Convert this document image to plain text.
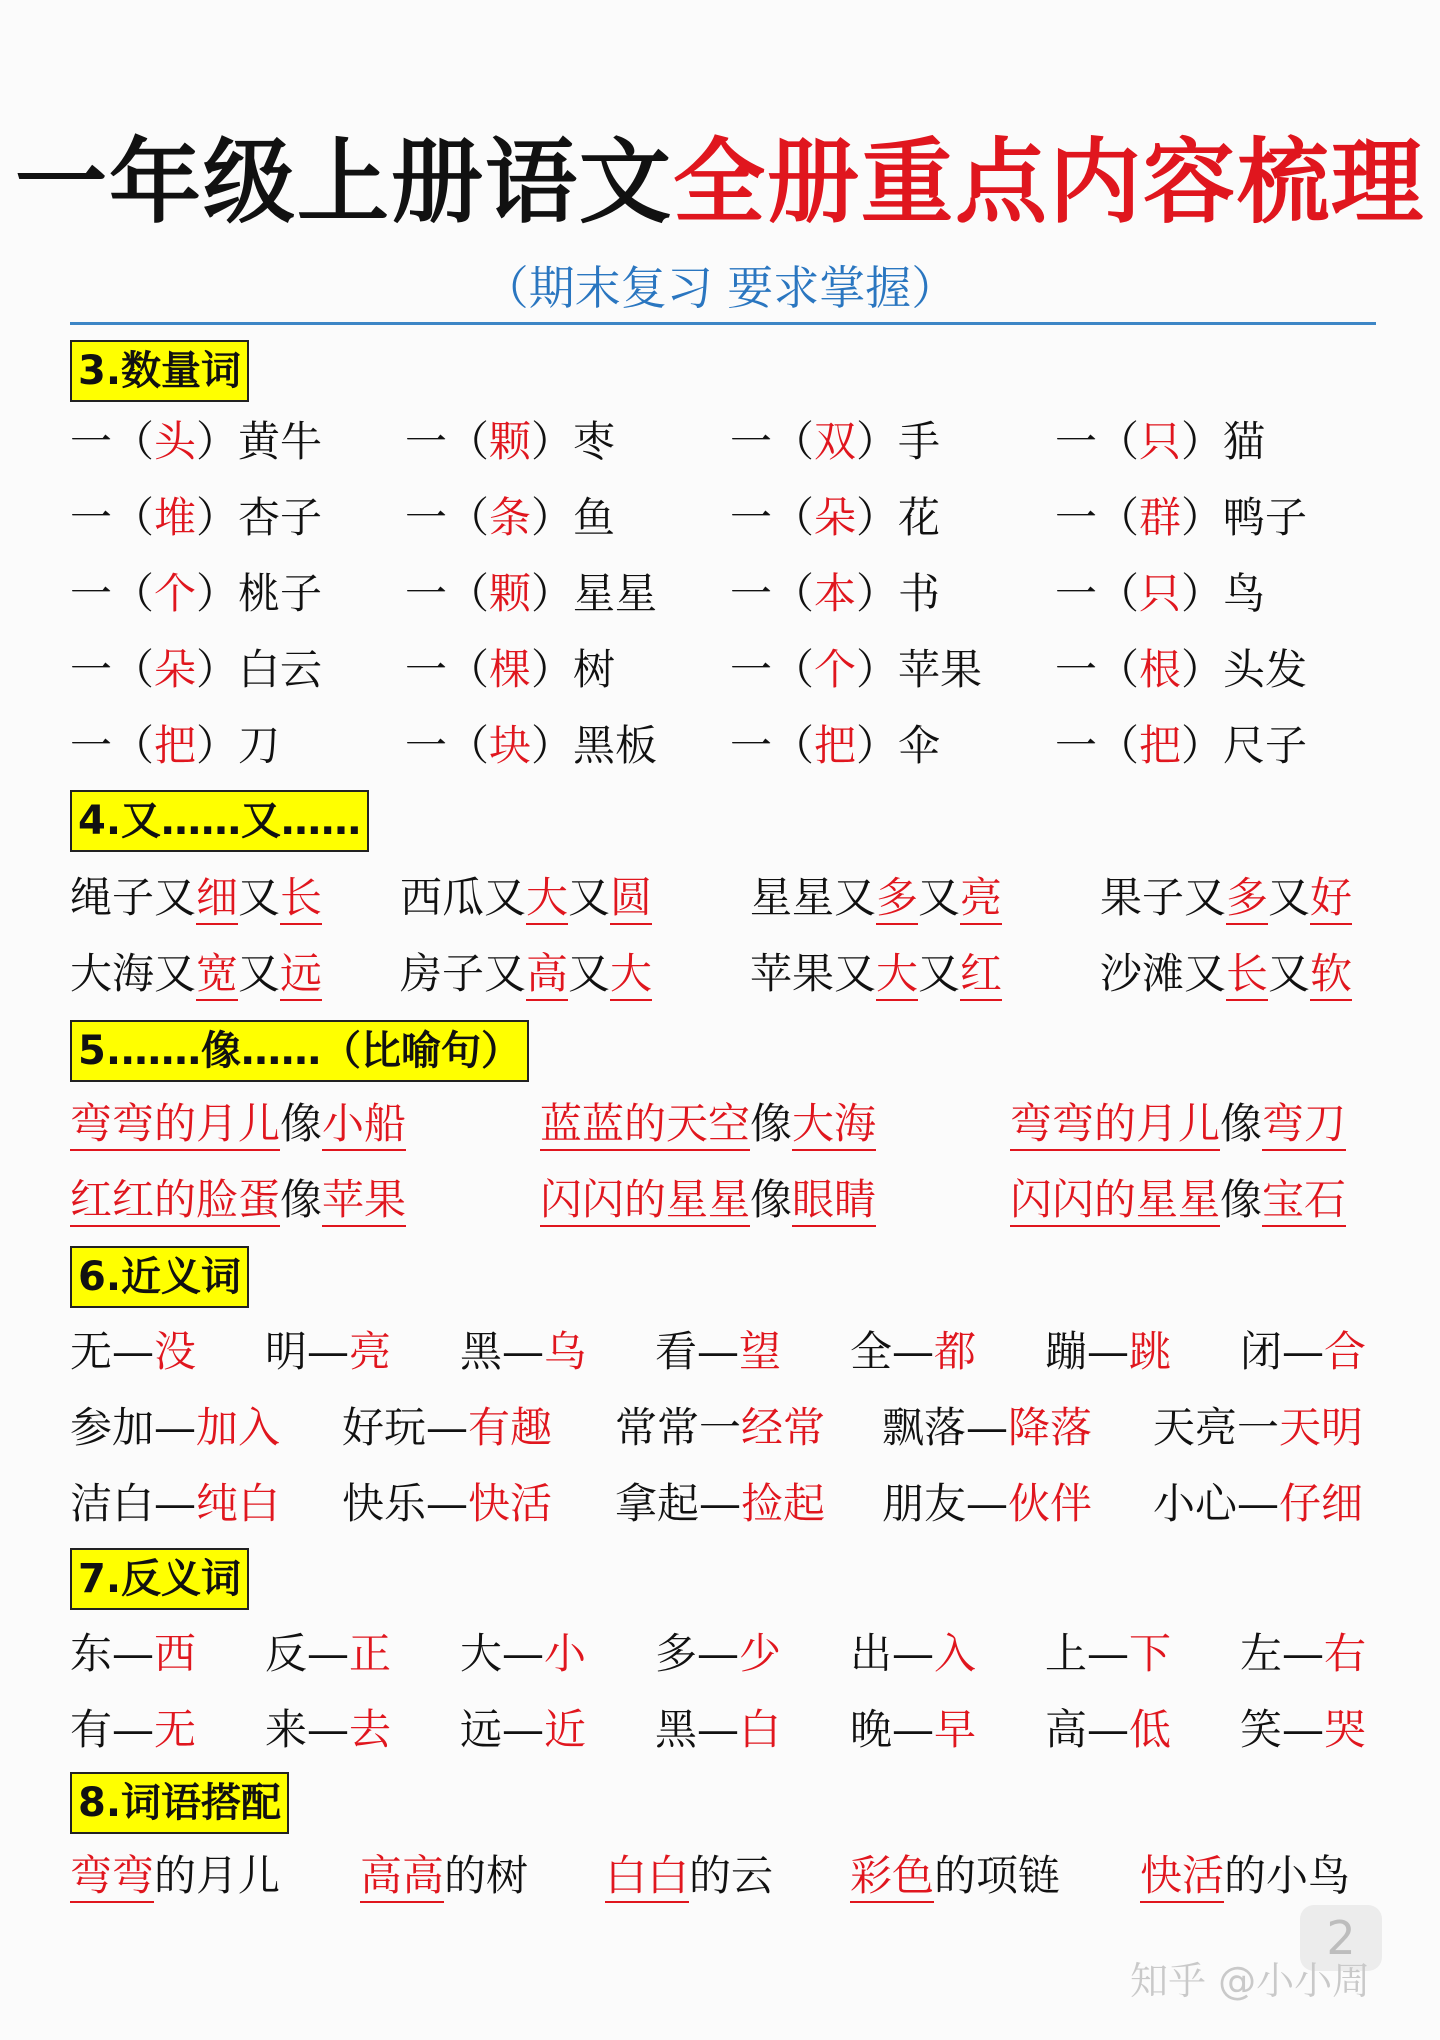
一年级上册语文全册重点内容梳理
（期末复习 要求掌握）
3.数量词
一（头）黄牛 一（颗）枣	一（双）手	一（只）猫
一（堆）杏子 一（条）鱼	一（朵）花	一（群）鸭子
一（个）桃子 一（颗）星星 一（本）书	一（只）鸟
一（朵）白云 一（棵）树	一（个）苹果 一（根）头发
一（把）刀	一（块）黑板 一（把）伞	一（把）尺子
4.又……又……
绳子又细又长 西瓜又大又圆 星星又多又亮 果子又多又好
大海又宽又远 房子又高又大 苹果又大又红 沙滩又长又软
5.……像……（比喻句）
弯弯的月儿像小船	蓝蓝的天空像大海	弯弯的月儿像弯刀
红红的脸蛋像苹果	闪闪的星星像眼睛	闪闪的星星像宝石
6.近义词
无—没 明—亮 黑—乌 看—望 全—都 蹦—跳 闭—合
参加—加入 好玩—有趣 常常一经常 飘落—降落 天亮一天明
洁白—纯白 快乐—快活 拿起—捡起 朋友—伙伴 小心—仔细
7.反义词
东—西 反—正 大—小 多—少 出—入 上—下 左—右
有—无 来—去 远—近 黑—白 晚—早 高—低 笑—哭
8.词语搭配
弯弯的月儿 高高的树 白白的云 彩色的项链 快活的小鸟
2
知乎 @小小周
